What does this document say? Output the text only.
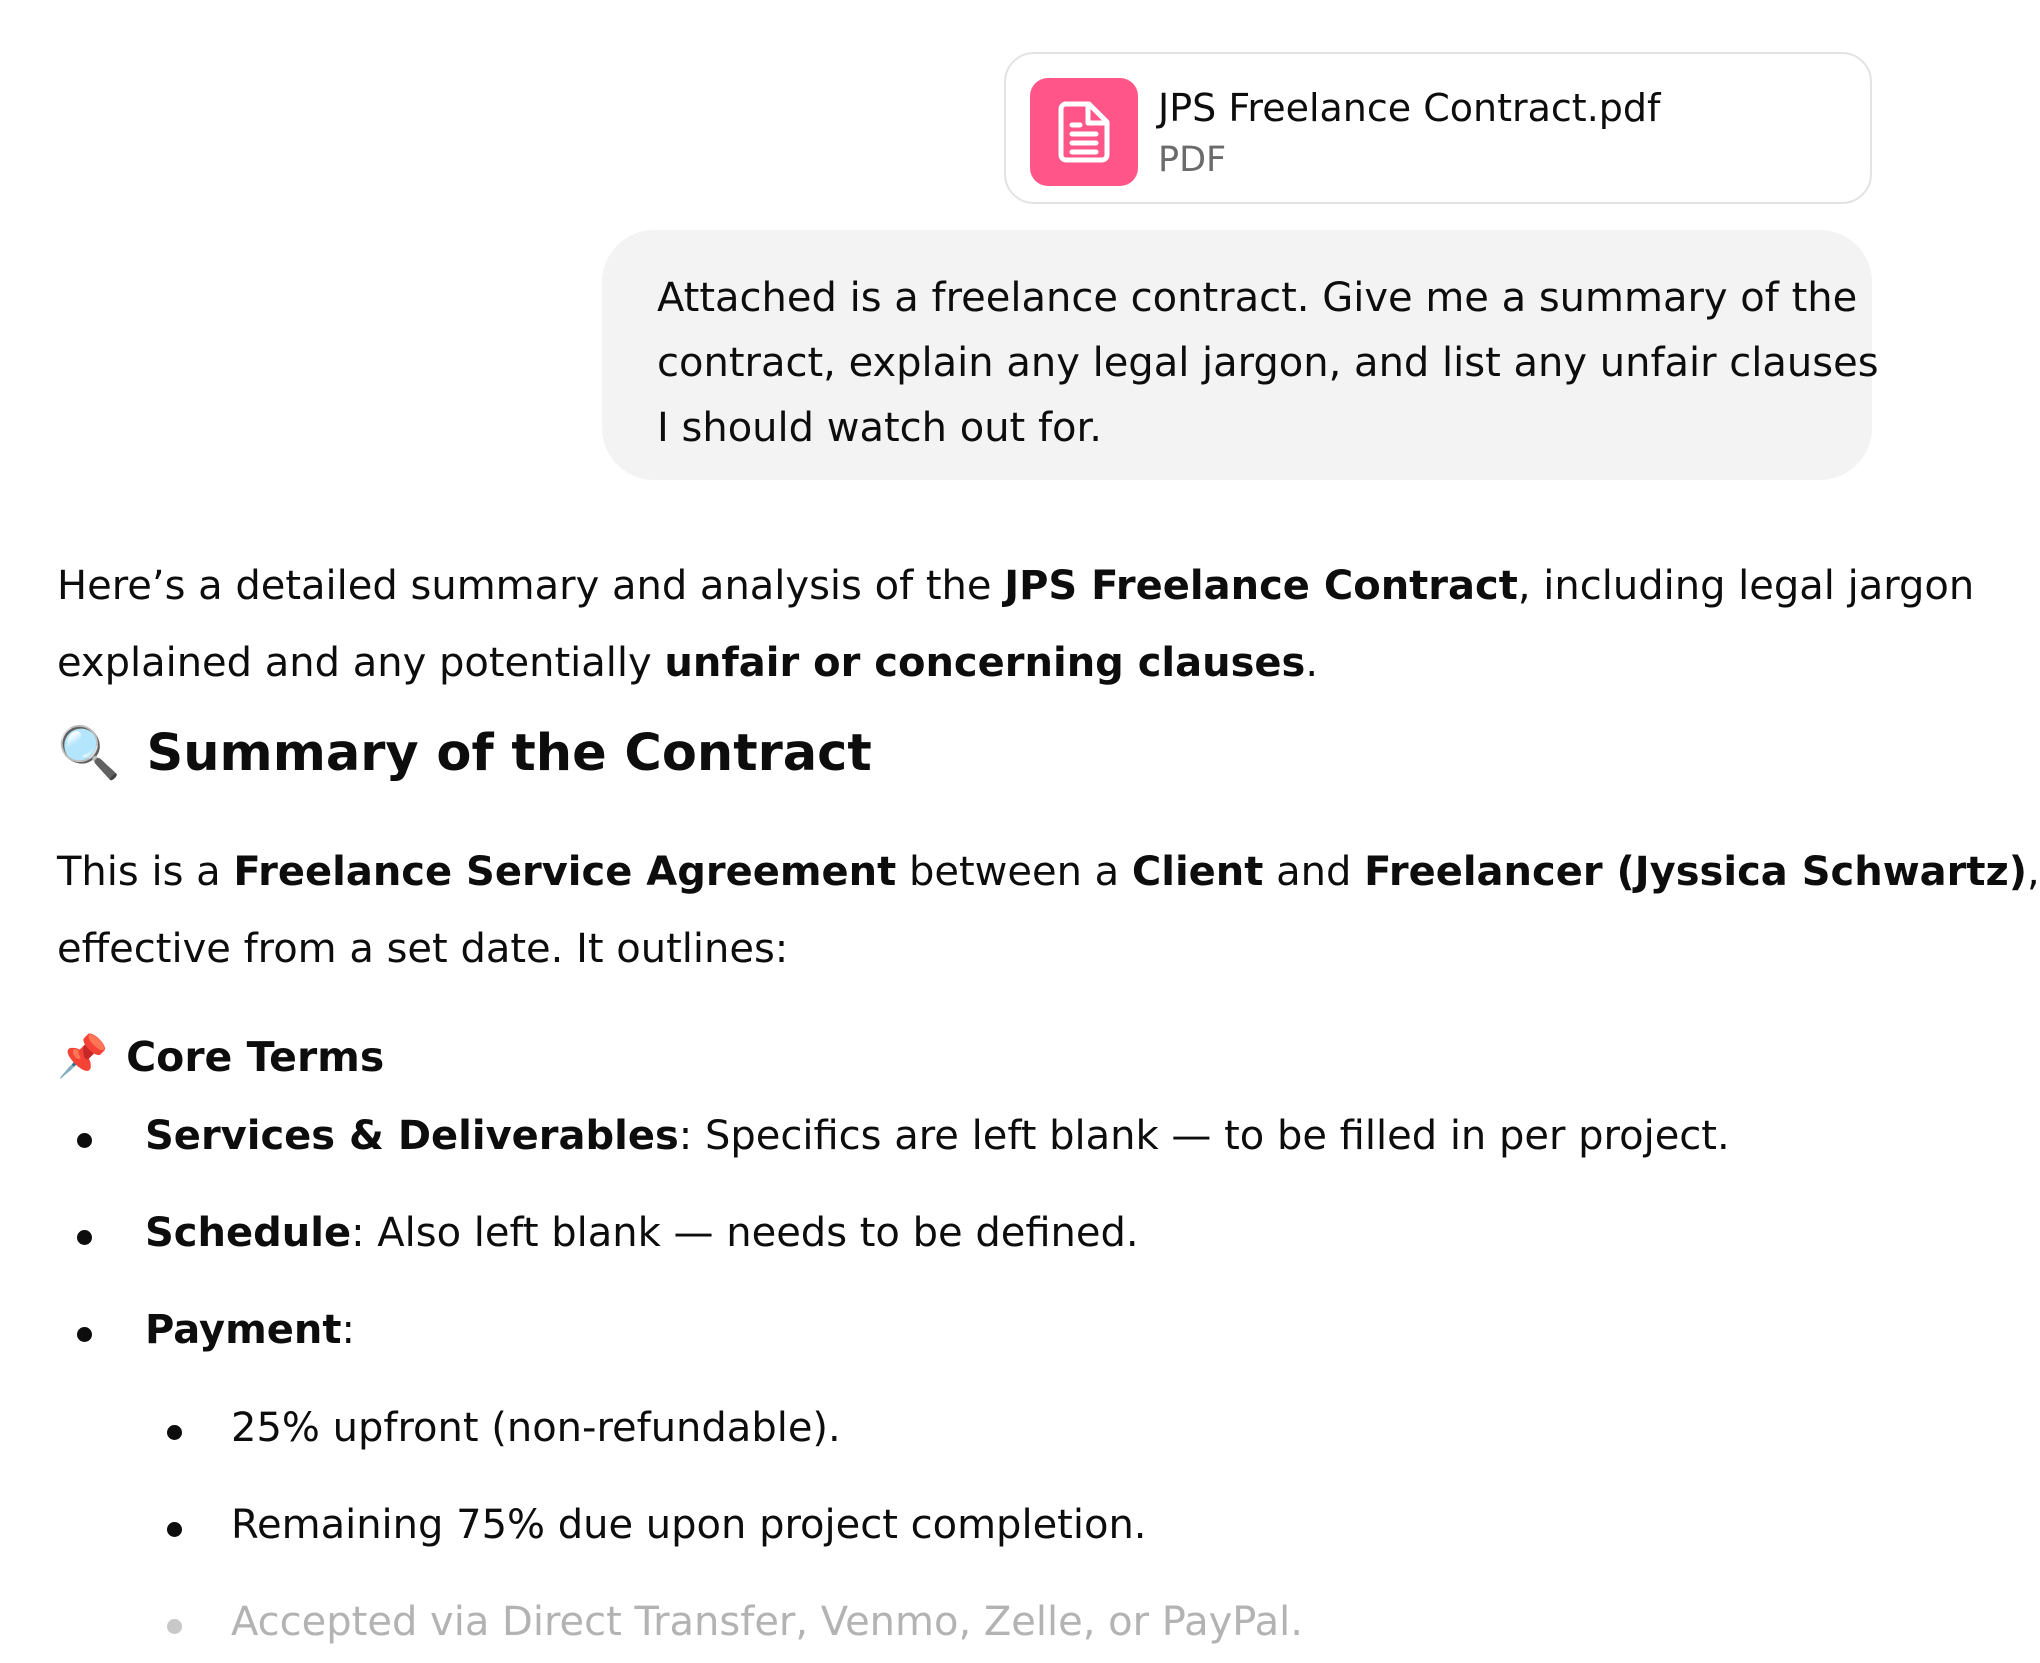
JPS Freelance Contract.pdf
PDF
Attached is a freelance contract. Give me a summary of the
contract, explain any legal jargon, and list any unfair clauses
I should watch out for.

Here’s a detailed summary and analysis of the JPS Freelance Contract, including legal jargon
explained and any potentially unfair or concerning clauses.

🔍 Summary of the Contract

This is a Freelance Service Agreement between a Client and Freelancer (Jyssica Schwartz),
effective from a set date. It outlines:

📌 Core Terms
Services & Deliverables: Specifics are left blank — to be filled in per project.
Schedule: Also left blank — needs to be defined.
Payment:
25% upfront (non-refundable).
Remaining 75% due upon project completion.
Accepted via Direct Transfer, Venmo, Zelle, or PayPal.
